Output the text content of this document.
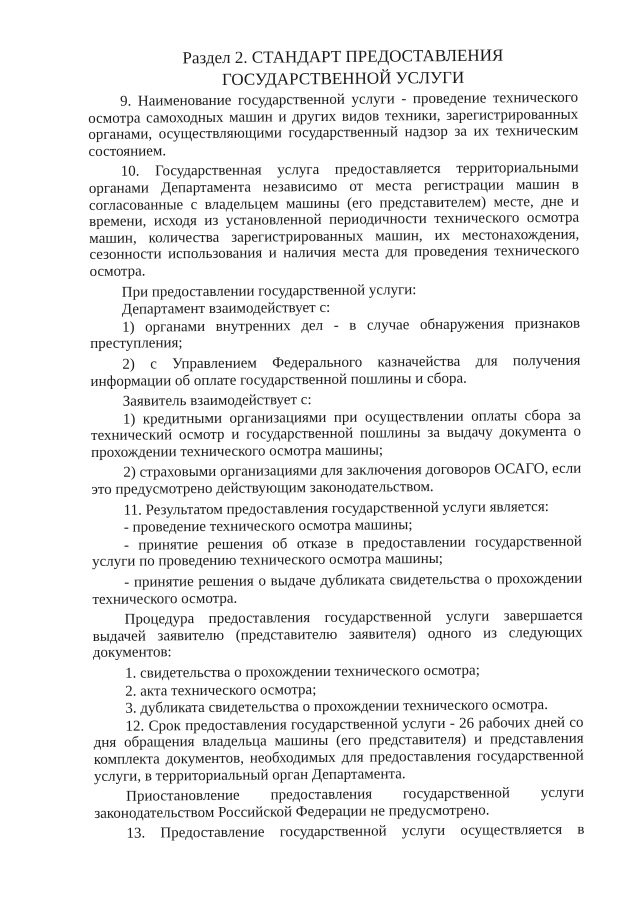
Раздел 2. СТАНДАРТ ПРЕДОСТАВЛЕНИЯ ГОСУДАРСТВЕННОЙ УСЛУГИ

9. Наименование государственной услуги - проведение технического осмотра самоходных машин и других видов техники, зарегистрированных органами, осуществляющими государственный надзор за их техническим состоянием.

10. Государственная услуга предоставляется территориальными органами Департамента независимо от места регистрации машин в согласованные с владельцем машины (его представителем) месте, дне и времени, исходя из установленной периодичности технического осмотра машин, количества зарегистрированных машин, их местонахождения, сезонности использования и наличия места для проведения технического осмотра.

При предоставлении государственной услуги:

Департамент взаимодействует с:

1) органами внутренних дел - в случае обнаружения признаков преступления;

2) с Управлением Федерального казначейства для получения информации об оплате государственной пошлины и сбора.

Заявитель взаимодействует с:

1) кредитными организациями при осуществлении оплаты сбора за технический осмотр и государственной пошлины за выдачу документа о прохождении технического осмотра машины;

2) страховыми организациями для заключения договоров ОСАГО, если это предусмотрено действующим законодательством.

11. Результатом предоставления государственной услуги является:

- проведение технического осмотра машины;

- принятие решения об отказе в предоставлении государственной услуги по проведению технического осмотра машины;

- принятие решения о выдаче дубликата свидетельства о прохождении технического осмотра.

Процедура предоставления государственной услуги завершается выдачей заявителю (представителю заявителя) одного из следующих документов:

1. свидетельства о прохождении технического осмотра;

2. акта технического осмотра;

3. дубликата свидетельства о прохождении технического осмотра.

12. Срок предоставления государственной услуги - 26 рабочих дней со дня обращения владельца машины (его представителя) и представления комплекта документов, необходимых для предоставления государственной услуги, в территориальный орган Департамента.

Приостановление предоставления государственной услуги законодательством Российской Федерации не предусмотрено.

13. Предоставление государственной услуги осуществляется в
